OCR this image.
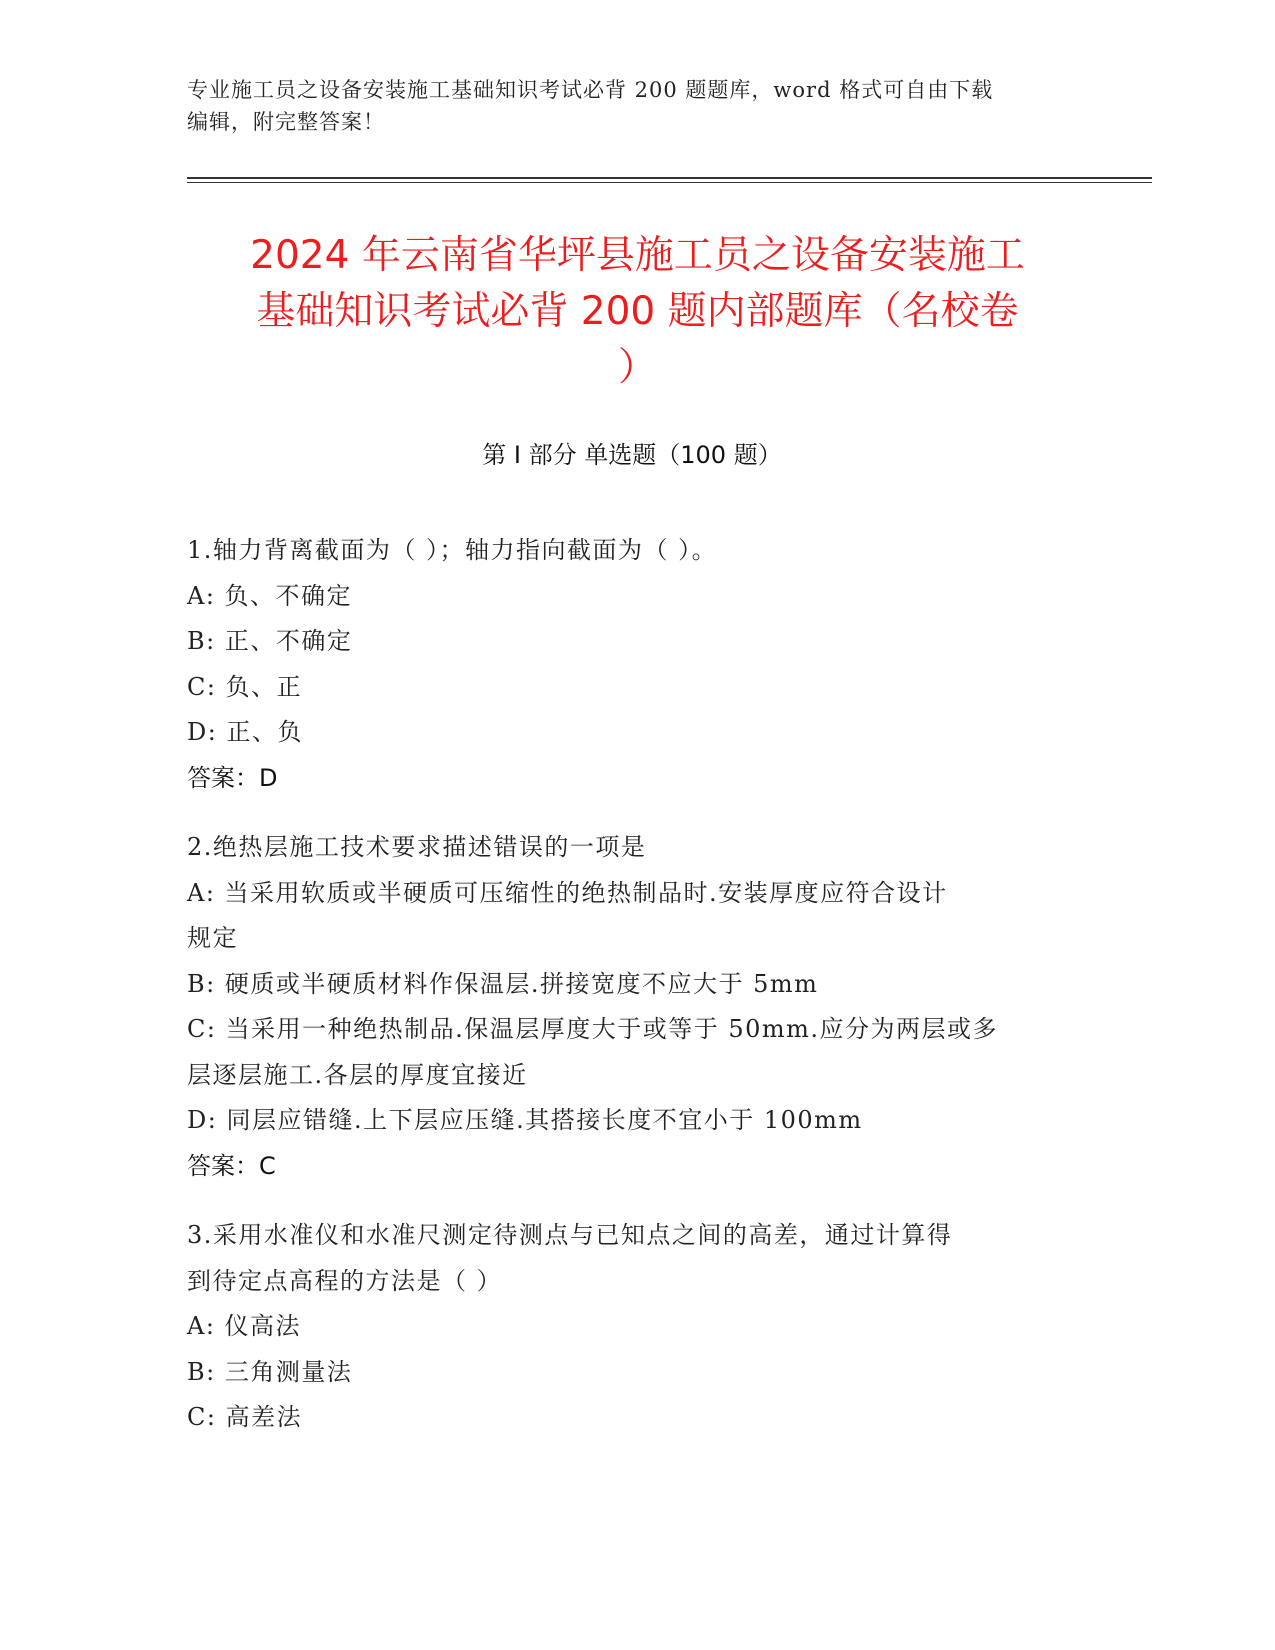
专业施工员之设备安装施工基础知识考试必背 200 题题库，word 格式可自由下载
编辑，附完整答案！
2024 年云南省华坪县施工员之设备安装施工
基础知识考试必背 200 题内部题库（名校卷
）
第 I 部分 单选题（100 题）
1.轴力背离截面为（ ）；轴力指向截面为（ ）。
A: 负、不确定
B: 正、不确定
C: 负、正
D: 正、负
答案：D
2.绝热层施工技术要求描述错误的一项是
A: 当采用软质或半硬质可压缩性的绝热制品时.安装厚度应符合设计
规定
B: 硬质或半硬质材料作保温层.拼接宽度不应大于 5mm
C: 当采用一种绝热制品.保温层厚度大于或等于 50mm.应分为两层或多
层逐层施工.各层的厚度宜接近
D: 同层应错缝.上下层应压缝.其搭接长度不宜小于 100mm
答案：C
3.采用水准仪和水准尺测定待测点与已知点之间的高差，通过计算得
到待定点高程的方法是（ ）
A: 仪高法
B: 三角测量法
C: 高差法
